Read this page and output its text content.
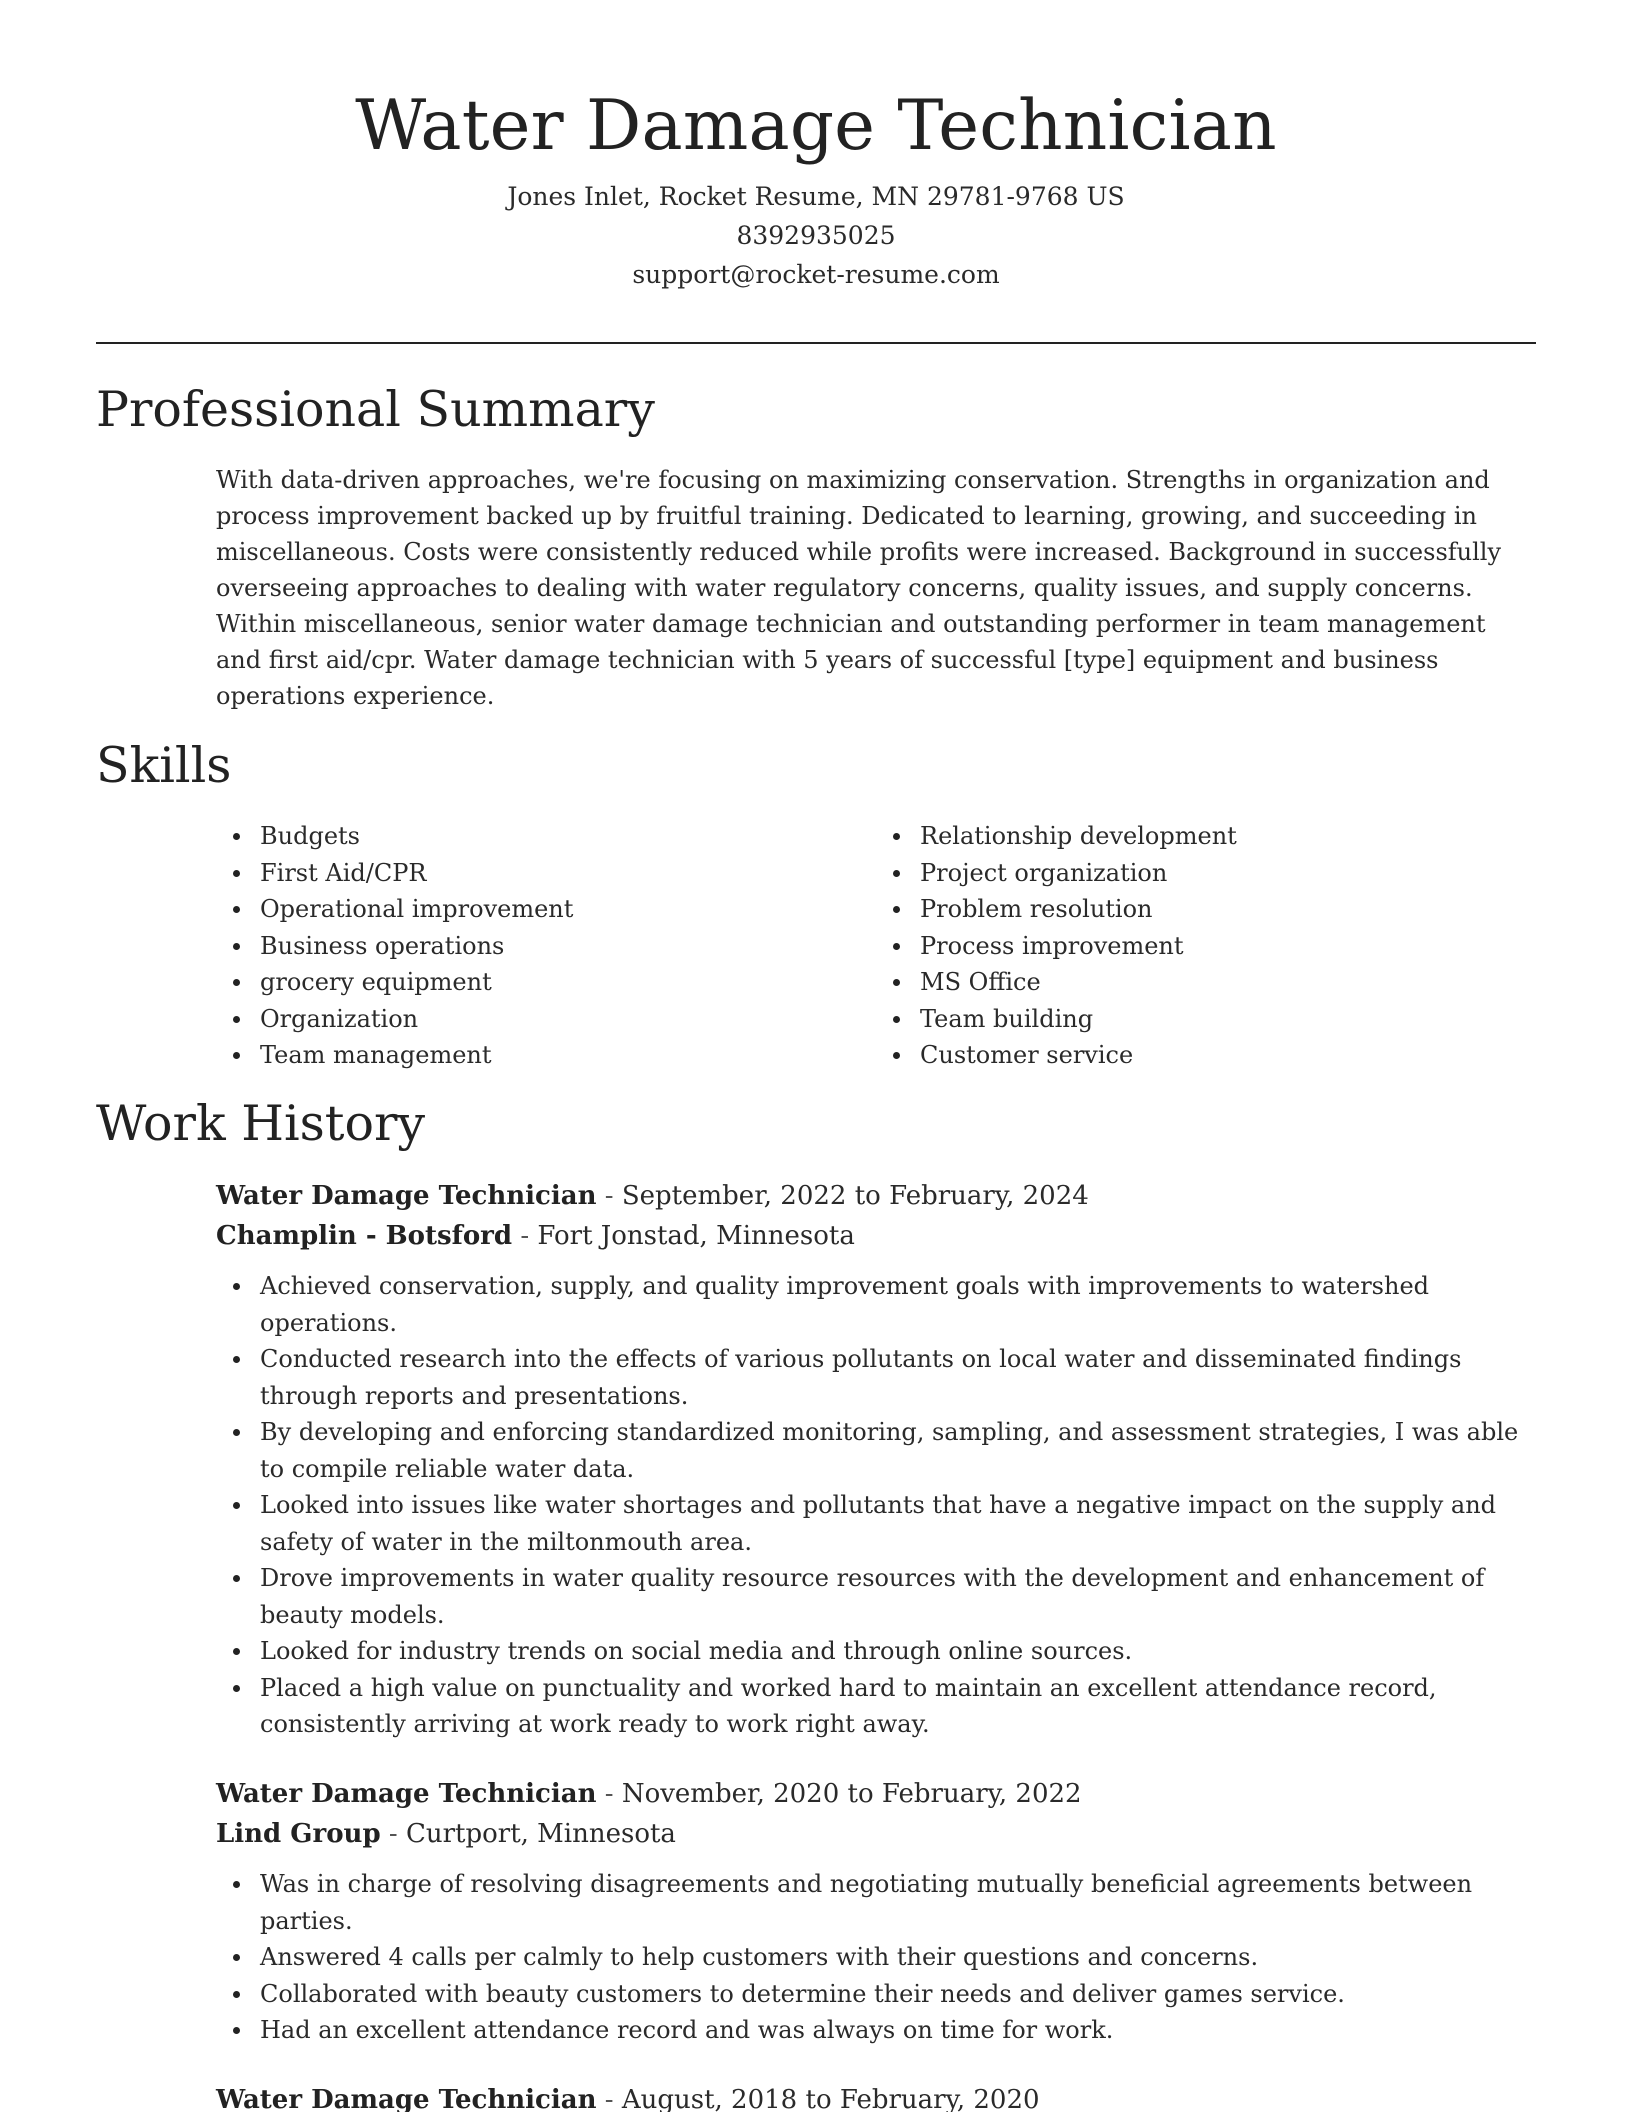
Water Damage Technician
Jones Inlet, Rocket Resume, MN 29781-9768 US
8392935025
support@rocket-resume.com
Professional Summary
With data-driven approaches, we're focusing on maximizing conservation. Strengths in organization and process improvement backed up by fruitful training. Dedicated to learning, growing, and succeeding in miscellaneous. Costs were consistently reduced while profits were increased. Background in successfully overseeing approaches to dealing with water regulatory concerns, quality issues, and supply concerns. Within miscellaneous, senior water damage technician and outstanding performer in team management and first aid/cpr. Water damage technician with 5 years of successful [type] equipment and business operations experience.
Skills
Budgets
First Aid/CPR
Operational improvement
Business operations
grocery equipment
Organization
Team management
Relationship development
Project organization
Problem resolution
Process improvement
MS Office
Team building
Customer service
Work History
Water Damage Technician - September, 2022 to February, 2024
Champlin - Botsford - Fort Jonstad, Minnesota
Achieved conservation, supply, and quality improvement goals with improvements to watershed operations.
Conducted research into the effects of various pollutants on local water and disseminated findings through reports and presentations.
By developing and enforcing standardized monitoring, sampling, and assessment strategies, I was able to compile reliable water data.
Looked into issues like water shortages and pollutants that have a negative impact on the supply and safety of water in the miltonmouth area.
Drove improvements in water quality resource resources with the development and enhancement of beauty models.
Looked for industry trends on social media and through online sources.
Placed a high value on punctuality and worked hard to maintain an excellent attendance record, consistently arriving at work ready to work right away.
Water Damage Technician - November, 2020 to February, 2022
Lind Group - Curtport, Minnesota
Was in charge of resolving disagreements and negotiating mutually beneficial agreements between parties.
Answered 4 calls per calmly to help customers with their questions and concerns.
Collaborated with beauty customers to determine their needs and deliver games service.
Had an excellent attendance record and was always on time for work.
Water Damage Technician - August, 2018 to February, 2020
